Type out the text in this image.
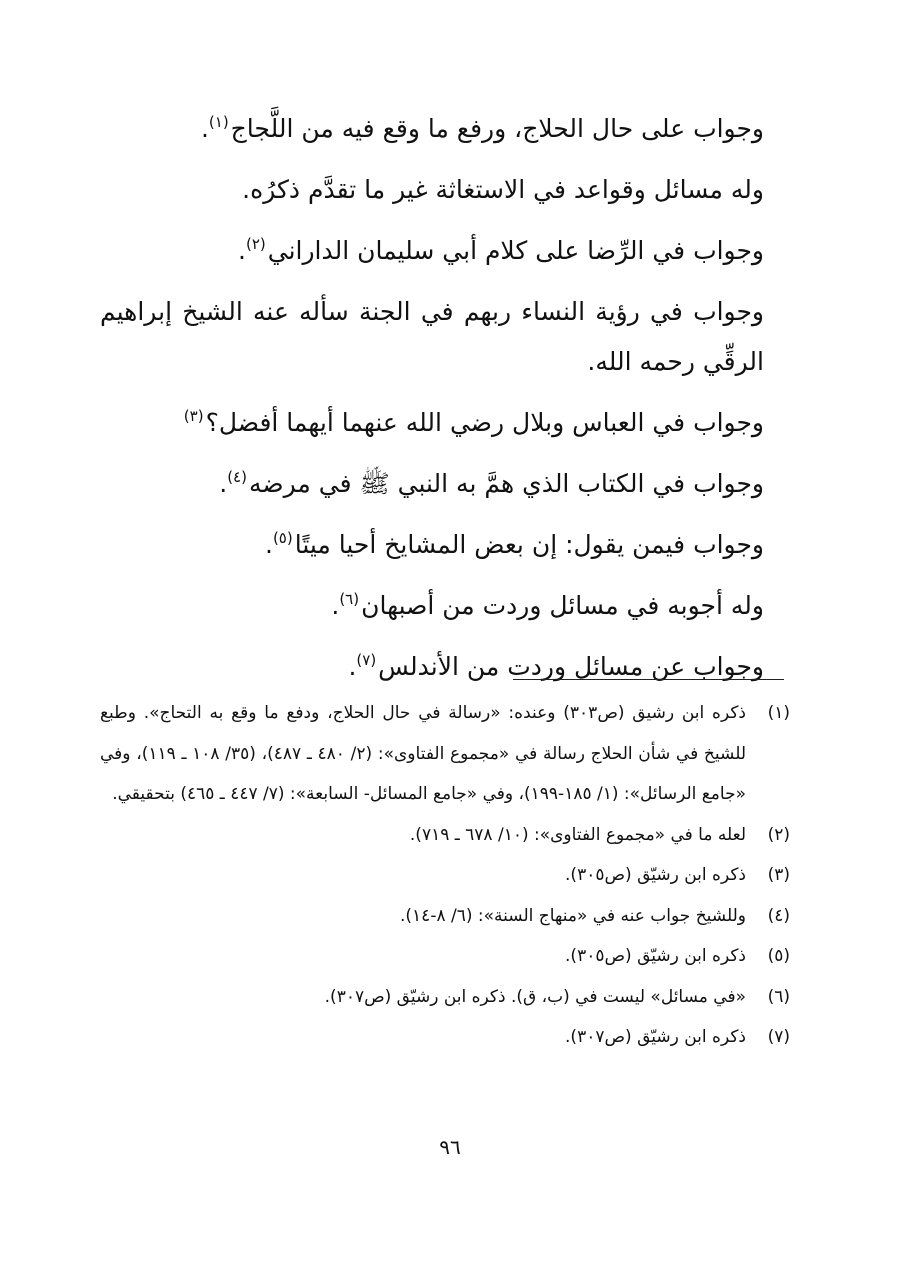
وجواب على حال الحلاج، ورفع ما وقع فيه من اللَّجاج$^{(١)}$.
وله مسائل وقواعد في الاستغاثة غير ما تقدَّم ذكرُه.
وجواب في الرِّضا على كلام أبي سليمان الداراني$^{(٢)}$.
وجواب في رؤية النساء ربهم في الجنة سأله عنه الشيخ إبراهيم الرقِّي رحمه الله.
وجواب في العباس وبلال رضي الله عنهما أيهما أفضل؟$^{(٣)}$
وجواب في الكتاب الذي همَّ به النبي ﷺ في مرضه$^{(٤)}$.
وجواب فيمن يقول: إن بعض المشايخ أحيا ميتًا$^{(٥)}$.
وله أجوبه في مسائل وردت من أصبهان$^{(٦)}$.
وجواب عن مسائل وردت من الأندلس$^{(٧)}$.
(١)
ذكره ابن رشيق (ص٣٠٣) وعنده: «رسالة في حال الحلاج، ودفع ما وقع به التحاج». وطبع للشيخ في شأن الحلاج رسالة في «مجموع الفتاوى»: (٢/ ٤٨٠ ـ ٤٨٧)، (٣٥/ ١٠٨ ـ ١١٩)، وفي «جامع الرسائل»: (١/ ١٨٥-١٩٩)، وفي «جامع المسائل- السابعة»: (٧/ ٤٤٧ ـ ٤٦٥) بتحقيقي.
(٢)
لعله ما في «مجموع الفتاوى»: (١٠/ ٦٧٨ ـ ٧١٩).
(٣)
ذكره ابن رشيّق (ص٣٠٥).
(٤)
وللشيخ جواب عنه في «منهاج السنة»: (٦/ ٨-١٤).
(٥)
ذكره ابن رشيّق (ص٣٠٥).
(٦)
«في مسائل» ليست في (ب، ق). ذكره ابن رشيّق (ص٣٠٧).
(٧)
ذكره ابن رشيّق (ص٣٠٧).
٩٦
